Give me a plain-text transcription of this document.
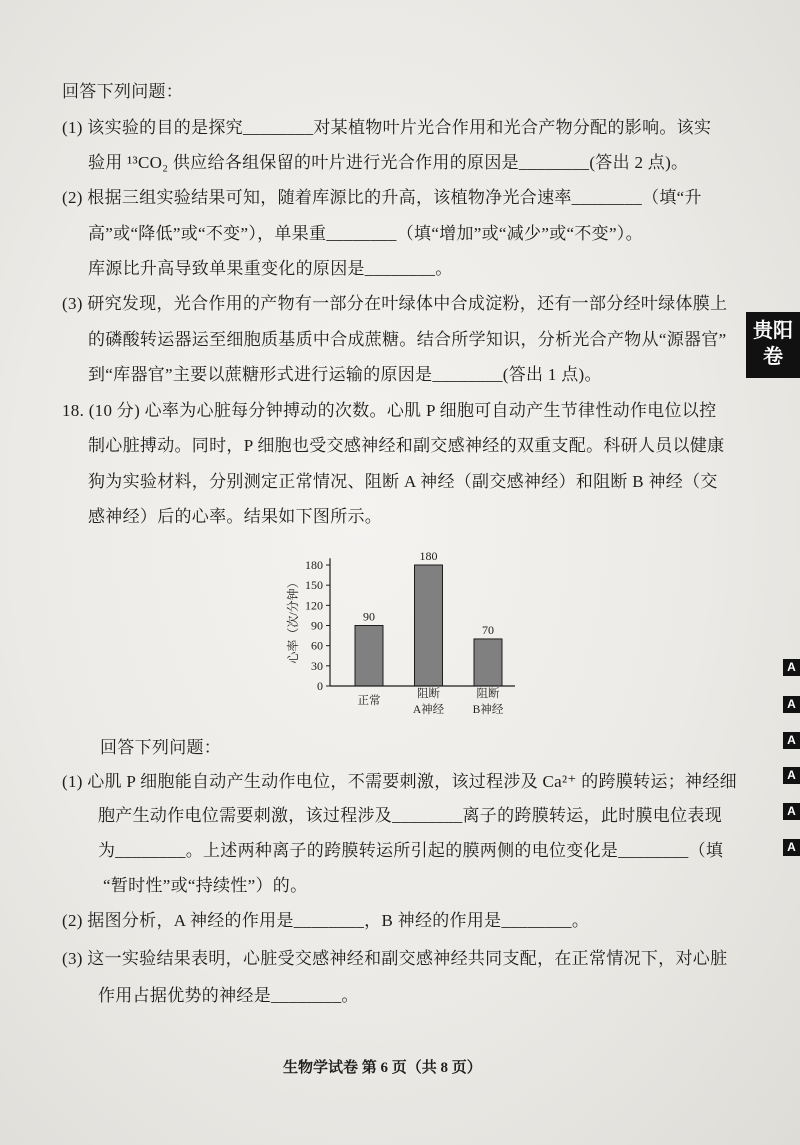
回答下列问题：
(1) 该实验的目的是探究________对某植物叶片光合作用和光合产物分配的影响。该实
验用 ¹³CO₂ 供应给各组保留的叶片进行光合作用的原因是________(答出 2 点)。
(2) 根据三组实验结果可知，随着库源比的升高，该植物净光合速率________（填“升
高”或“降低”或“不变”），单果重________（填“增加”或“减少”或“不变”）。
库源比升高导致单果重变化的原因是________。
(3) 研究发现，光合作用的产物有一部分在叶绿体中合成淀粉，还有一部分经叶绿体膜上
的磷酸转运器运至细胞质基质中合成蔗糖。结合所学知识，分析光合产物从“源器官”
到“库器官”主要以蔗糖形式进行运输的原因是________(答出 1 点)。
18. (10 分) 心率为心脏每分钟搏动的次数。心肌 P 细胞可自动产生节律性动作电位以控
制心脏搏动。同时，P 细胞也受交感神经和副交感神经的双重支配。科研人员以健康
狗为实验材料，分别测定正常情况、阻断 A 神经（副交感神经）和阻断 B 神经（交
感神经）后的心率。结果如下图所示。
90
正常
180
阻断
A神经
70
阻断
B神经
0
30
60
90
120
150
180
心率（次/分钟）
回答下列问题：
(1) 心肌 P 细胞能自动产生动作电位，不需要刺激，该过程涉及 Ca²⁺ 的跨膜转运；神经细
胞产生动作电位需要刺激，该过程涉及________离子的跨膜转运，此时膜电位表现
为________。上述两种离子的跨膜转运所引起的膜两侧的电位变化是________（填
“暂时性”或“持续性”）的。
(2) 据图分析，A 神经的作用是________，B 神经的作用是________。
(3) 这一实验结果表明，心脏受交感神经和副交感神经共同支配，在正常情况下，对心脏
作用占据优势的神经是________。
生物学试卷 第 6 页（共 8 页）
贵阳
卷
A
A
A
A
A
A
